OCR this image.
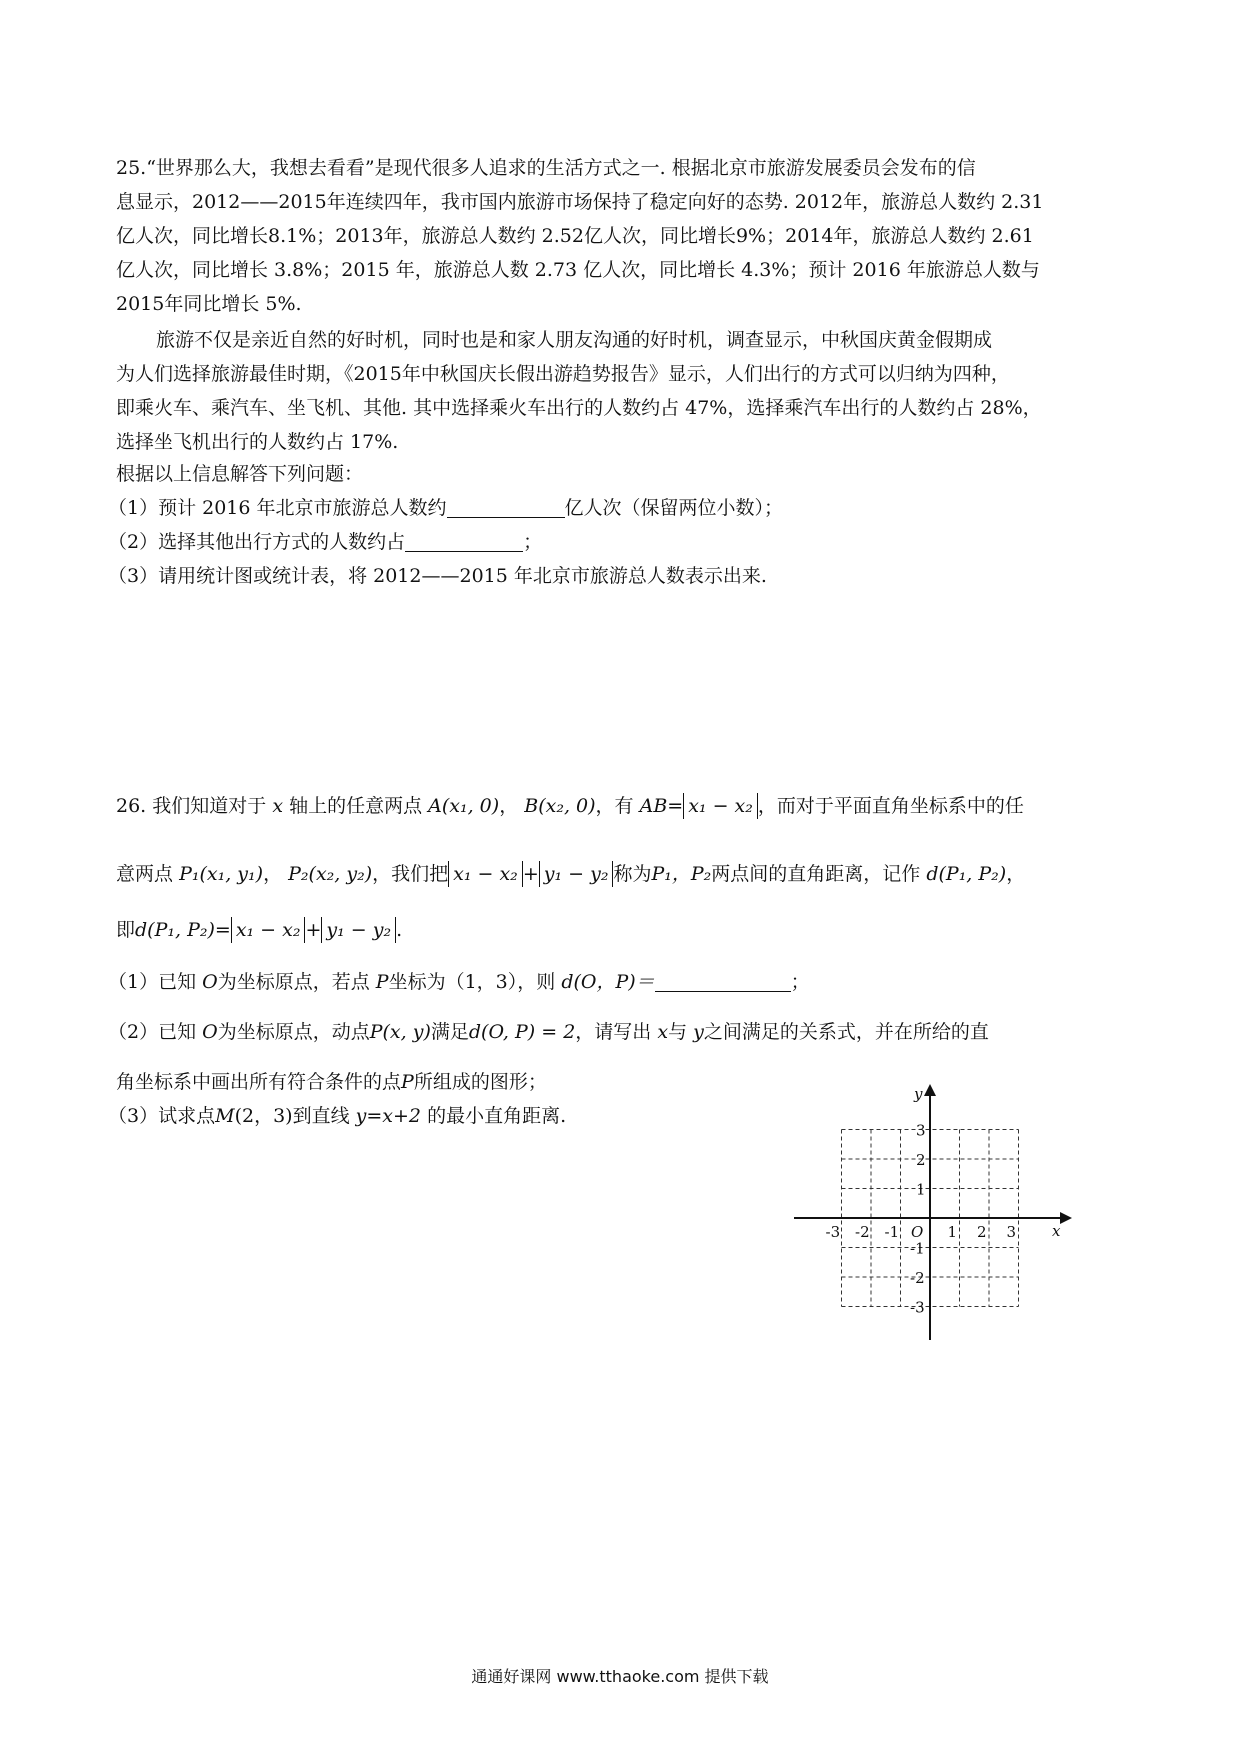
25.“世界那么大，我想去看看”是现代很多人追求的生活方式之一. 根据北京市旅游发展委员会发布的信
息显示，2012——2015年连续四年，我市国内旅游市场保持了稳定向好的态势. 2012年，旅游总人数约 2.31
亿人次，同比增长8.1%；2013年，旅游总人数约 2.52亿人次，同比增长9%；2014年，旅游总人数约 2.61
亿人次，同比增长 3.8%；2015 年，旅游总人数 2.73 亿人次，同比增长 4.3%；预计 2016 年旅游总人数与
2015年同比增长 5%.
旅游不仅是亲近自然的好时机，同时也是和家人朋友沟通的好时机，调查显示，中秋国庆黄金假期成
为人们选择旅游最佳时期，《2015年中秋国庆长假出游趋势报告》显示，人们出行的方式可以归纳为四种，
即乘火车、乘汽车、坐飞机、其他. 其中选择乘火车出行的人数约占 47%，选择乘汽车出行的人数约占 28%，
选择坐飞机出行的人数约占 17%.
根据以上信息解答下列问题：
（1）预计 2016 年北京市旅游总人数约	亿人次（保留两位小数）；
（2）选择其他出行方式的人数约占	；
（3）请用统计图或统计表，将 2012——2015 年北京市旅游总人数表示出来.
26. 我们知道对于 x 轴上的任意两点 A(x₁, 0)， B(x₂, 0)，有 AB= x₁ − x₂ ，而对于平面直角坐标系中的任
意两点 P₁(x₁, y₁)， P₂(x₂, y₂)，我们把 x₁ − x₂ + y₁ − y₂ 称为P₁，P₂两点间的直角距离，记作 d(P₁, P₂)，
即d(P₁, P₂)= x₁ − x₂ + y₁ − y₂ .
（1）已知 O为坐标原点，若点 P坐标为（1，3），则 d(O，P)＝	；
（2）已知 O为坐标原点，动点P(x, y)满足d(O, P) = 2，请写出 x与 y之间满足的关系式，并在所给的直
角坐标系中画出所有符合条件的点P所组成的图形；
（3）试求点M(2，3)到直线 y=x+2 的最小直角距离.
x
y
O
-3 -2 -1	1 2 3
3
2
1
-1
-2
-3
通通好课网 www.tthaoke.com 提供下载
